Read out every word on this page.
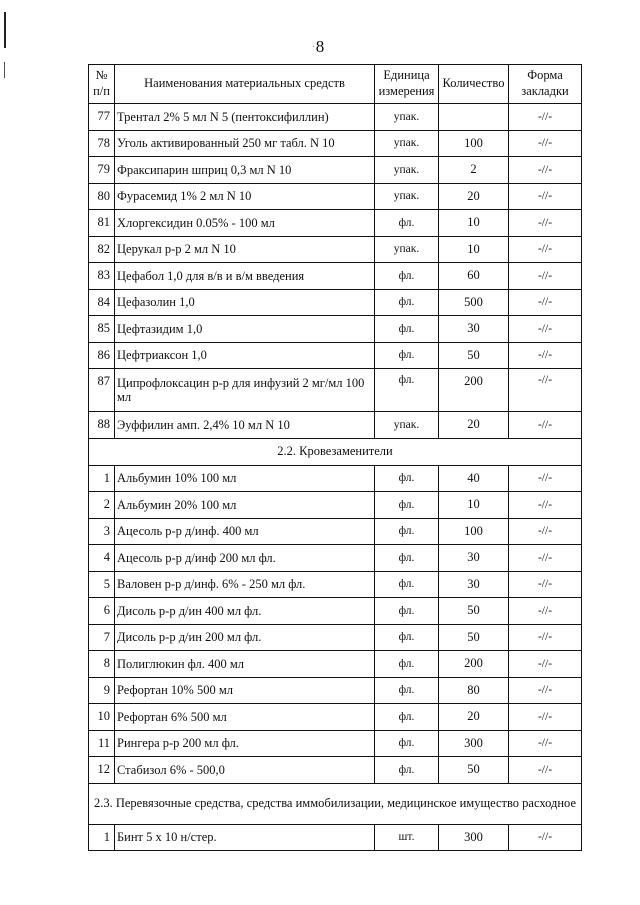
· 8
№ п/п	Наименования материальных средств	Единица измерения	Количество	Форма закладки
77	Трентал 2% 5 мл N 5 (пентоксифиллин)	упак.		-//-
78	Уголь активированный 250 мг табл. N 10	упак.	100	-//-
79	Фраксипарин шприц 0,3 мл N 10	упак.	2	-//-
80	Фурасемид 1% 2 мл N 10	упак.	20	-//-
81	Хлоргексидин 0.05% - 100 мл	фл.	10	-//-
82	Церукал р-р 2 мл N 10	упак.	10	-//-
83	Цефабол 1,0 для в/в и в/м введения	фл.	60	-//-
84	Цефазолин 1,0	фл.	500	-//-
85	Цефтазидим 1,0	фл.	30	-//-
86	Цефтриаксон 1,0	фл.	50	-//-
87	Ципрофлоксацин р-р для инфузий 2 мг/мл 100 мл	фл.	200	-//-
88	Эуффилин амп. 2,4% 10 мл N 10	упак.	20	-//-
2.2. Кровезаменители				
1	Альбумин 10% 100 мл	фл.	40	-//-
2	Альбумин 20% 100 мл	фл.	10	-//-
3	Ацесоль р-р д/инф. 400 мл	фл.	100	-//-
4	Ацесоль р-р д/инф 200 мл фл.	фл.	30	-//-
5	Валовен р-р д/инф. 6% - 250 мл фл.	фл.	30	-//-
6	Дисоль р-р д/ин 400 мл фл.	фл.	50	-//-
7	Дисоль р-р д/ин 200 мл фл.	фл.	50	-//-
8	Полиглюкин фл. 400 мл	фл.	200	-//-
9	Рефортан 10% 500 мл	фл.	80	-//-
10	Рефортан 6% 500 мл	фл.	20	-//-
11	Рингера р-р 200 мл фл.	фл.	300	-//-
12	Стабизол 6% - 500,0	фл.	50	-//-
2.3. Перевязочные средства, средства иммобилизации, медицинское имущество расходное				
1	Бинт 5 х 10 н/стер.	шт.	300	-//-
